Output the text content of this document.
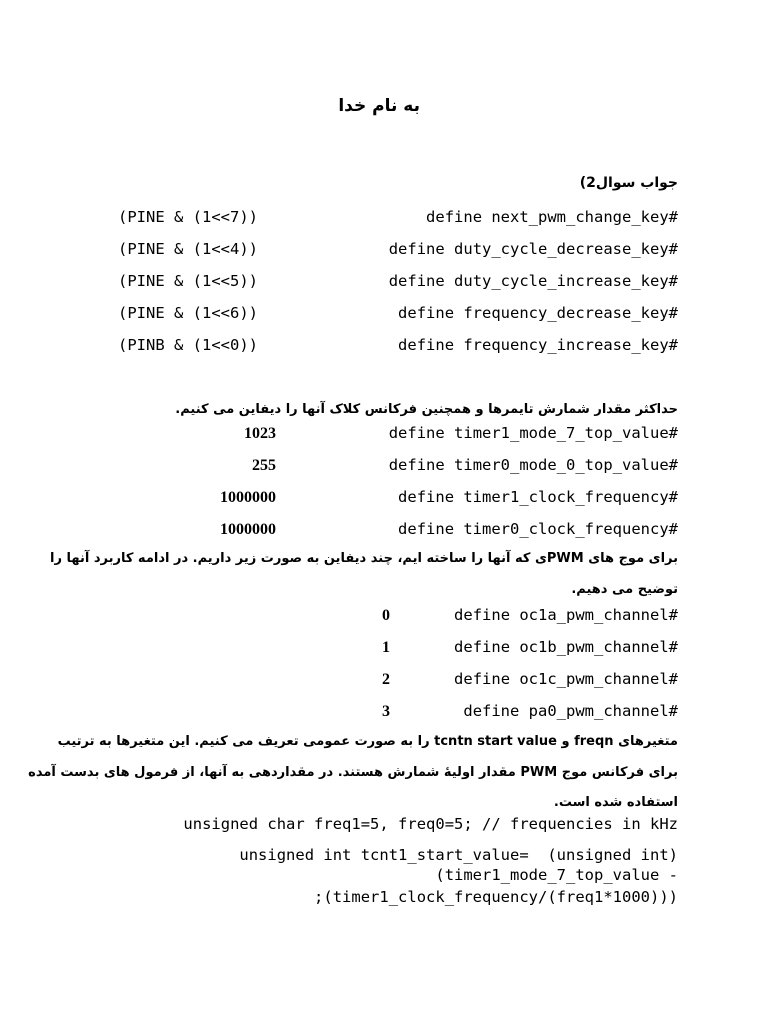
به نام خدا
جواب سوال2)
define next_pwm_change_key#
(PINE & (1<<7))
define duty_cycle_decrease_key#
(PINE & (1<<4))
define duty_cycle_increase_key#
(PINE & (1<<5))
define frequency_decrease_key#
(PINE & (1<<6))
define frequency_increase_key#
(PINB & (1<<0))
حداکثر مقدار شمارش تایمرها و همچنین فرکانس کلاک آنها را دیفاین می کنیم.
define timer1_mode_7_top_value#
1023
define timer0_mode_0_top_value#
255
define timer1_clock_frequency#
1000000
define timer0_clock_frequency#
1000000
برای موج های PWMی که آنها را ساخته ایم، چند دیفاین به صورت زیر داریم. در ادامه کاربرد آنها را
توضیح می دهیم.
define oc1a_pwm_channel#
0
define oc1b_pwm_channel#
1
define oc1c_pwm_channel#
2
define pa0_pwm_channel#
3
متغیرهای freqn و tcntn start value را به صورت عمومی تعریف می کنیم. این متغیرها به ترتیب
برای فرکانس موج PWM مقدار اولیهٔ شمارش هستند. در مقداردهی به آنها، از فرمول های بدست آمده
استفاده شده است.
unsigned char freq1=5, freq0=5; // frequencies in kHz
unsigned int tcnt1_start_value=  (unsigned int)
(timer1_mode_7_top_value -
;(timer1_clock_frequency/(freq1*1000)))
